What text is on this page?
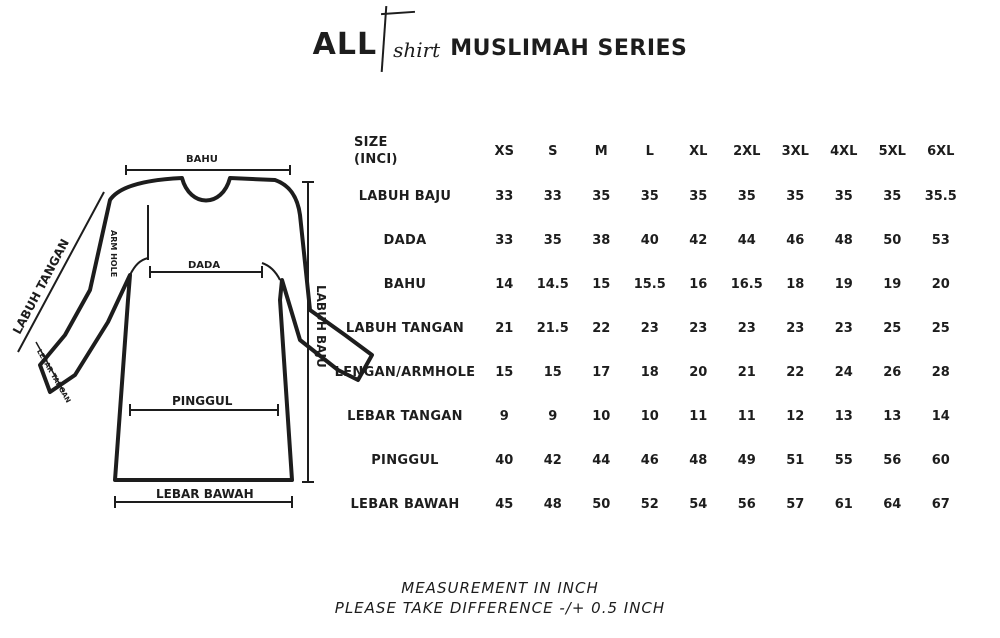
ALL shirt MUSLIMAH SERIES
BAHU
ARM HOLE	DADA
LABUH TANGAN
LEBAR TANGAN
LABUH BAJU
PINGGUL
LEBAR BAWAH
SIZE
(INCI)
XS	S	M	L	XL	2XL	3XL	4XL	5XL	6XL
LABUH BAJU	33	33	35	35	35	35	35	35	35	35.5
DADA	33	35	38	40	42	44	46	48	50	53
BAHU	14	14.5	15	15.5	16	16.5	18	19	19	20
LABUH TANGAN	21	21.5	22	23	23	23	23	23	25	25
LENGAN/ARMHOLE	15	15	17	18	20	21	22	24	26	28
LEBAR TANGAN	9	9	10	10	11	11	12	13	13	14
PINGGUL	40	42	44	46	48	49	51	55	56	60
LEBAR BAWAH	45	48	50	52	54	56	57	61	64	67
MEASUREMENT IN INCH
PLEASE TAKE DIFFERENCE -/+ 0.5 INCH
